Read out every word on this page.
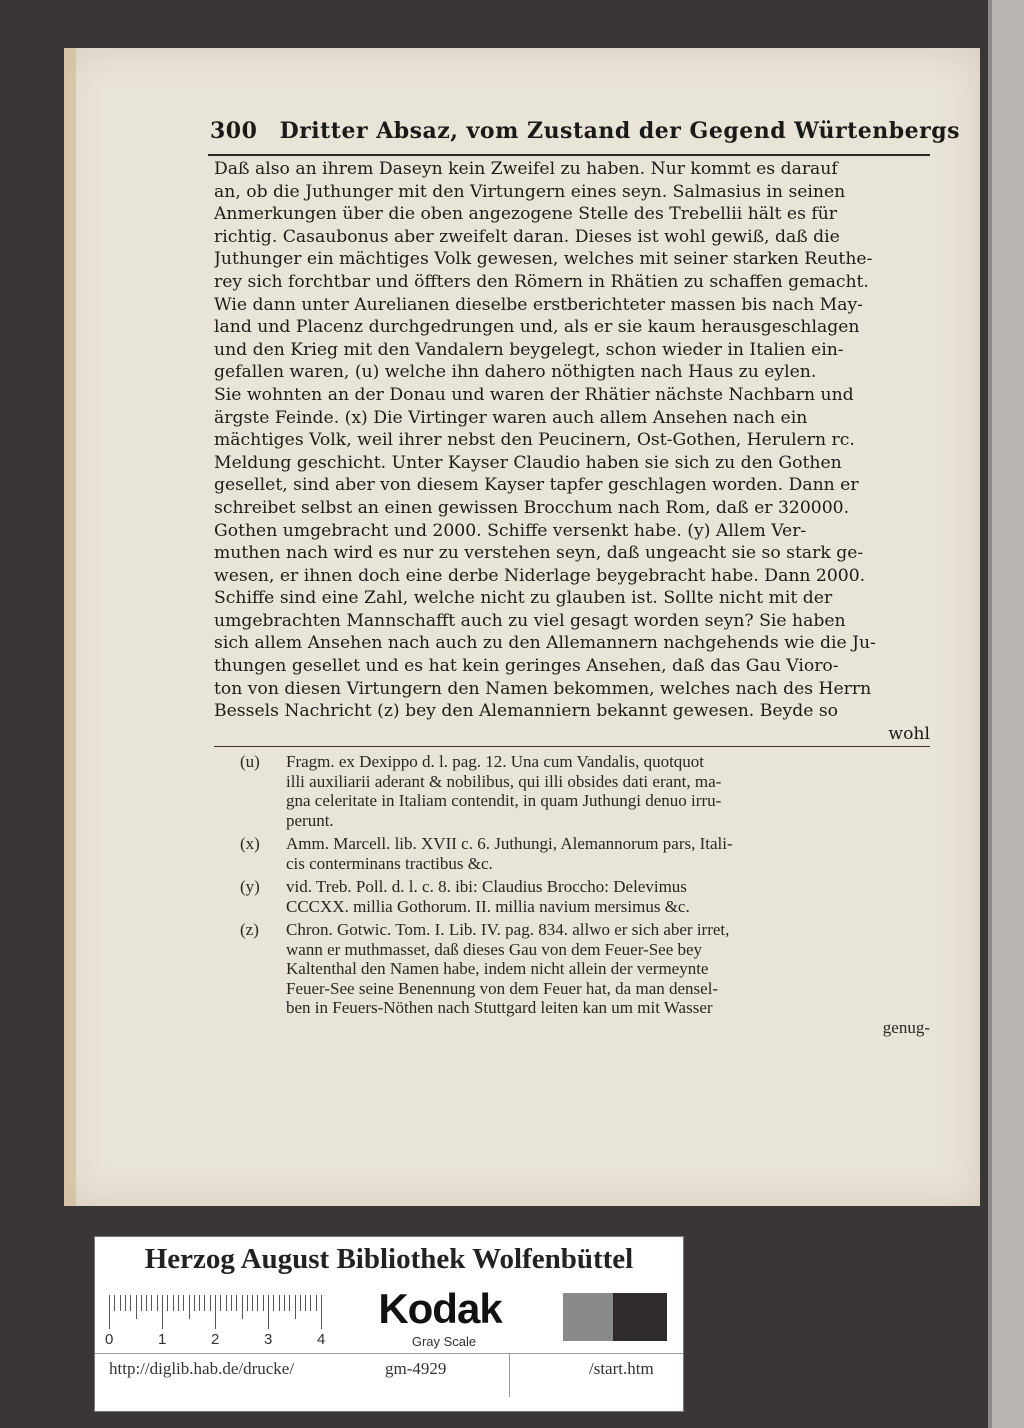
300 Dritter Absaz, vom Zustand der Gegend Würtenbergs
Daß also an ihrem Daseyn kein Zweifel zu haben. Nur kommt es darauf
an, ob die Juthunger mit den Virtungern eines seyn. Salmasius in seinen
Anmerkungen über die oben angezogene Stelle des Trebellii hält es für
richtig. Casaubonus aber zweifelt daran. Dieses ist wohl gewiß, daß die
Juthunger ein mächtiges Volk gewesen, welches mit seiner starken Reuthe-
rey sich forchtbar und öffters den Römern in Rhätien zu schaffen gemacht.
Wie dann unter Aurelianen dieselbe erstberichteter massen bis nach May-
land und Placenz durchgedrungen und, als er sie kaum herausgeschlagen
und den Krieg mit den Vandalern beygelegt, schon wieder in Italien ein-
gefallen waren, (u) welche ihn dahero nöthigten nach Haus zu eylen.
Sie wohnten an der Donau und waren der Rhätier nächste Nachbarn und
ärgste Feinde. (x) Die Virtinger waren auch allem Ansehen nach ein
mächtiges Volk, weil ihrer nebst den Peucinern, Ost-Gothen, Herulern rc.
Meldung geschicht. Unter Kayser Claudio haben sie sich zu den Gothen
gesellet, sind aber von diesem Kayser tapfer geschlagen worden. Dann er
schreibet selbst an einen gewissen Brocchum nach Rom, daß er 320000.
Gothen umgebracht und 2000. Schiffe versenkt habe. (y) Allem Ver-
muthen nach wird es nur zu verstehen seyn, daß ungeacht sie so stark ge-
wesen, er ihnen doch eine derbe Niderlage beygebracht habe. Dann 2000.
Schiffe sind eine Zahl, welche nicht zu glauben ist. Sollte nicht mit der
umgebrachten Mannschafft auch zu viel gesagt worden seyn? Sie haben
sich allem Ansehen nach auch zu den Allemannern nachgehends wie die Ju-
thungen gesellet und es hat kein geringes Ansehen, daß das Gau Vioro-
ton von diesen Virtungern den Namen bekommen, welches nach des Herrn
Bessels Nachricht (z) bey den Alemanniern bekannt gewesen. Beyde so
wohl
(u) Fragm. ex Dexippo d. l. pag. 12. Una cum Vandalis, quotquot
illi auxiliarii aderant & nobilibus, qui illi obsides dati erant, ma-
gna celeritate in Italiam contendit, in quam Juthungi denuo irru-
perunt.
(x) Amm. Marcell. lib. XVII c. 6. Juthungi, Alemannorum pars, Itali-
cis conterminans tractibus &c.
(y) vid. Treb. Poll. d. l. c. 8. ibi: Claudius Broccho: Delevimus
CCCXX. millia Gothorum. II. millia navium mersimus &c.
(z) Chron. Gotwic. Tom. I. Lib. IV. pag. 834. allwo er sich aber irret,
wann er muthmasset, daß dieses Gau von dem Feuer-See bey
Kaltenthal den Namen habe, indem nicht allein der vermeynte
Feuer-See seine Benennung von dem Feuer hat, da man densel-
ben in Feuers-Nöthen nach Stuttgard leiten kan um mit Wasser
genug-
Herzog August Bibliothek Wolfenbüttel
0	1	2	3	4
Kodak
Gray Scale
http://diglib.hab.de/drucke/	gm-4929	/start.htm
